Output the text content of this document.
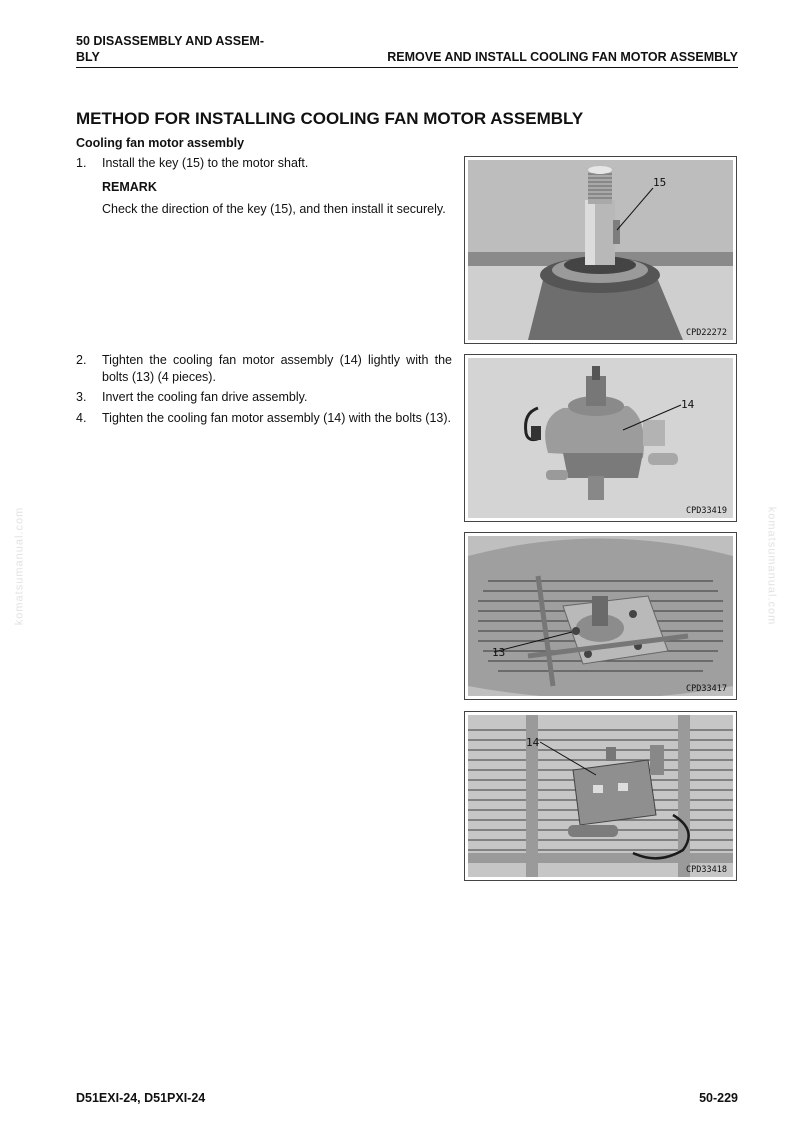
50 DISASSEMBLY AND ASSEM-
BLY	REMOVE AND INSTALL COOLING FAN MOTOR ASSEMBLY
METHOD FOR INSTALLING COOLING FAN MOTOR ASSEMBLY
Cooling fan motor assembly
1. Install the key (15) to the motor shaft.
REMARK
Check the direction of the key (15), and then install it securely.
2. Tighten the cooling fan motor assembly (14) lightly with the bolts (13) (4 pieces).
3. Invert the cooling fan drive assembly.
4. Tighten the cooling fan motor assembly (14) with the bolts (13).
15
CPD22272
14
CPD33419
13
CPD33417
14
CPD33418
komatsumanual.com	komatsumanual.com
D51EXI-24, D51PXI-24	50-229
